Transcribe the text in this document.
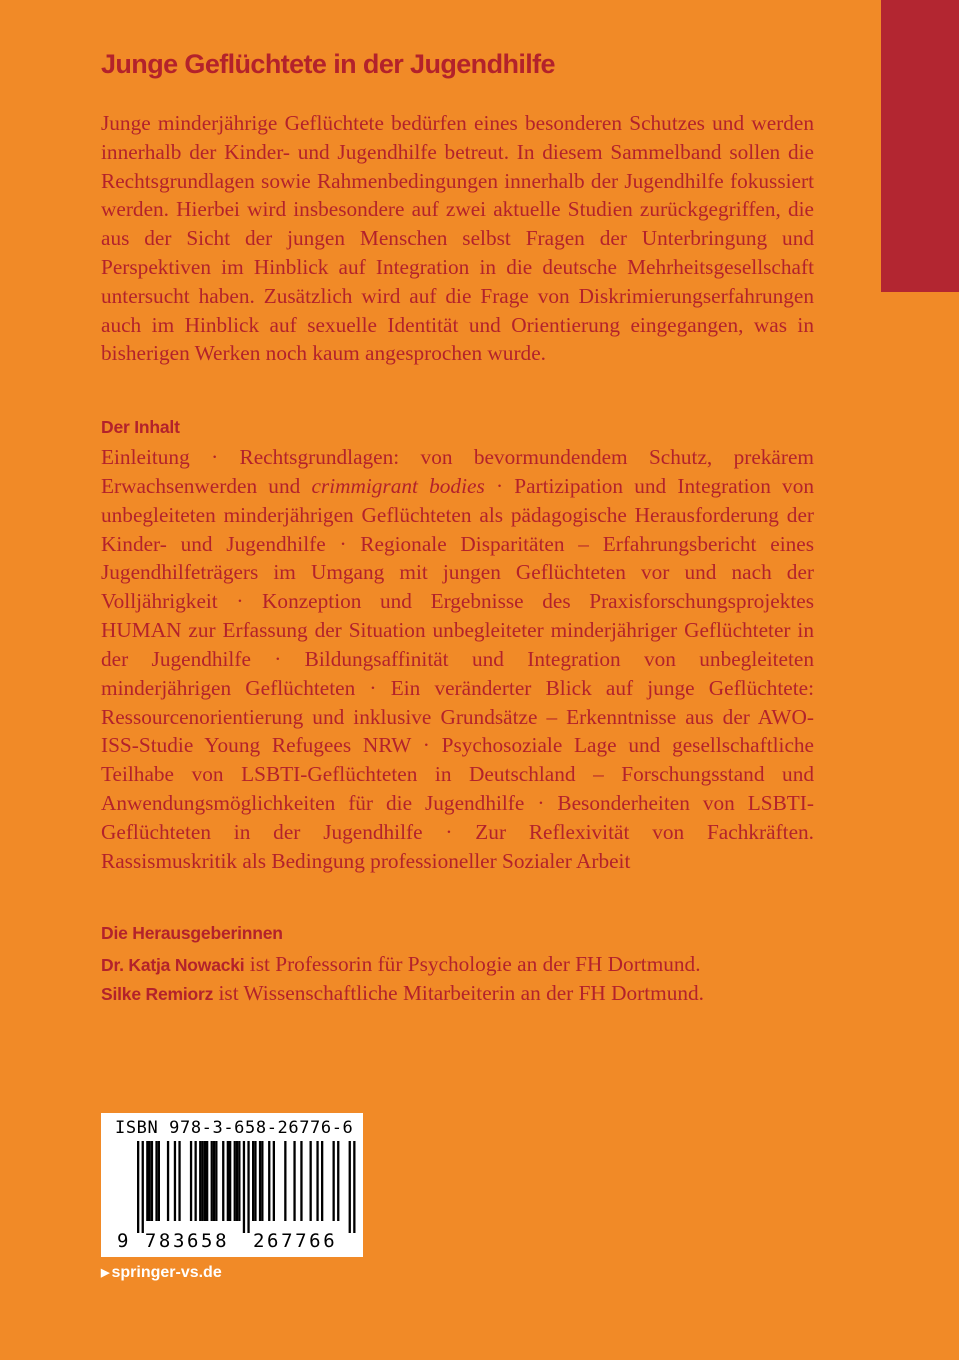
Junge Geflüchtete in der Jugendhilfe

Junge minderjährige Geflüchtete bedürfen eines besonderen Schutzes und werden innerhalb der Kinder- und Jugendhilfe betreut. In diesem Sammelband sollen die Rechtsgrundlagen sowie Rahmenbedingungen innerhalb der Jugendhilfe fokussiert werden. Hierbei wird insbesondere auf zwei aktuelle Studien zurückgegriffen, die aus der Sicht der jungen Menschen selbst Fragen der Unterbringung und Perspektiven im Hinblick auf Integration in die deutsche Mehrheitsgesellschaft untersucht haben. Zusätzlich wird auf die Frage von Diskrimierungserfahrungen auch im Hinblick auf sexuelle Identität und Orientierung eingegangen, was in bisherigen Werken noch kaum angesprochen wurde.

Der Inhalt

Einleitung · Rechtsgrundlagen: von bevormundendem Schutz, prekärem Erwachsenwerden und crimmigrant bodies · Partizipation und Integration von unbegleiteten minderjährigen Geflüchteten als pädagogische Herausforderung der Kinder- und Jugendhilfe · Regionale Disparitäten – Erfahrungsbericht eines Jugendhilfeträgers im Umgang mit jungen Geflüchteten vor und nach der Volljährigkeit · Konzeption und Ergebnisse des Praxisforschungsprojektes HUMAN zur Erfassung der Situation unbegleiteter minderjähriger Geflüchteter in der Jugendhilfe · Bildungsaffinität und Integration von unbegleiteten minderjährigen Geflüchteten · Ein veränderter Blick auf junge Geflüchtete: Ressourcenorientierung und inklusive Grundsätze – Erkenntnisse aus der AWO-ISS-Studie Young Refugees NRW · Psychosoziale Lage und gesellschaftliche Teilhabe von LSBTI-Geflüchteten in Deutschland – Forschungsstand und Anwendungsmöglichkeiten für die Jugendhilfe · Besonderheiten von LSBTI-Geflüchteten in der Jugendhilfe · Zur Reflexivität von Fachkräften. Rassismuskritik als Bedingung professioneller Sozialer Arbeit

Die Herausgeberinnen
Dr. Katja Nowacki ist Professorin für Psychologie an der FH Dortmund.
Silke Remiorz ist Wissenschaftliche Mitarbeiterin an der FH Dortmund.
ISBN 978-3-658-26776-6
9 783658 267766
▶ springer-vs.de
